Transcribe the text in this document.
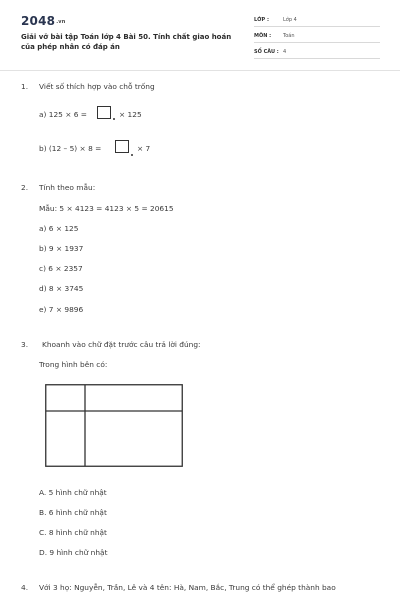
2048.vn
Giải vở bài tập Toán lớp 4 Bài 50. Tính chất giao hoán của phép nhân có đáp án
LỚP :	Lớp 4
MÔN : Toán
SỐ CÂU : 4
1. Viết số thích hợp vào chỗ trống
a) 125 × 6 =	× 125
b) (12 – 5) × 8 =	× 7
2. Tính theo mẫu:
Mẫu: 5 × 4123 = 4123 × 5 = 20615
a) 6 × 125
b) 9 × 1937
c) 6 × 2357
d) 8 × 3745
e) 7 × 9896
3. Khoanh vào chữ đặt trước câu trả lời đúng:
Trong hình bên có:
A. 5 hình chữ nhật
B. 6 hình chữ nhật
C. 8 hình chữ nhật
D. 9 hình chữ nhật
4. Với 3 họ: Nguyễn, Trần, Lê và 4 tên: Hà, Nam, Bắc, Trung có thể ghép thành bao
